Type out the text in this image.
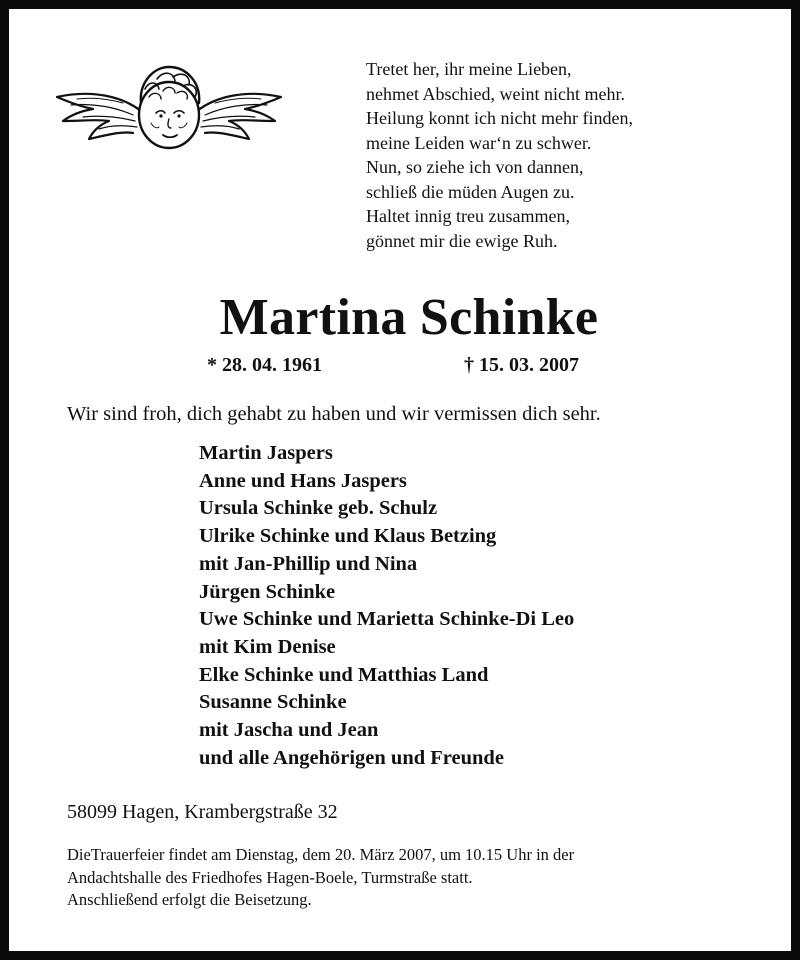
Tretet her, ihr meine Lieben,
nehmet Abschied, weint nicht mehr.
Heilung konnt ich nicht mehr finden,
meine Leiden war‘n zu schwer.
Nun, so ziehe ich von dannen,
schließ die müden Augen zu.
Haltet innig treu zusammen,
gönnet mir die ewige Ruh.
Martina Schinke
* 28. 04. 1961	† 15. 03. 2007
Wir sind froh, dich gehabt zu haben und wir vermissen dich sehr.
Martin Jaspers
Anne und Hans Jaspers
Ursula Schinke geb. Schulz
Ulrike Schinke und Klaus Betzing
mit Jan-Phillip und Nina
Jürgen Schinke
Uwe Schinke und Marietta Schinke-Di Leo
mit Kim Denise
Elke Schinke und Matthias Land
Susanne Schinke
mit Jascha und Jean
und alle Angehörigen und Freunde
58099 Hagen, Krambergstraße 32
DieTrauerfeier findet am Dienstag, dem 20. März 2007, um 10.15 Uhr in der
Andachtshalle des Friedhofes Hagen-Boele, Turmstraße statt.
Anschließend erfolgt die Beisetzung.
